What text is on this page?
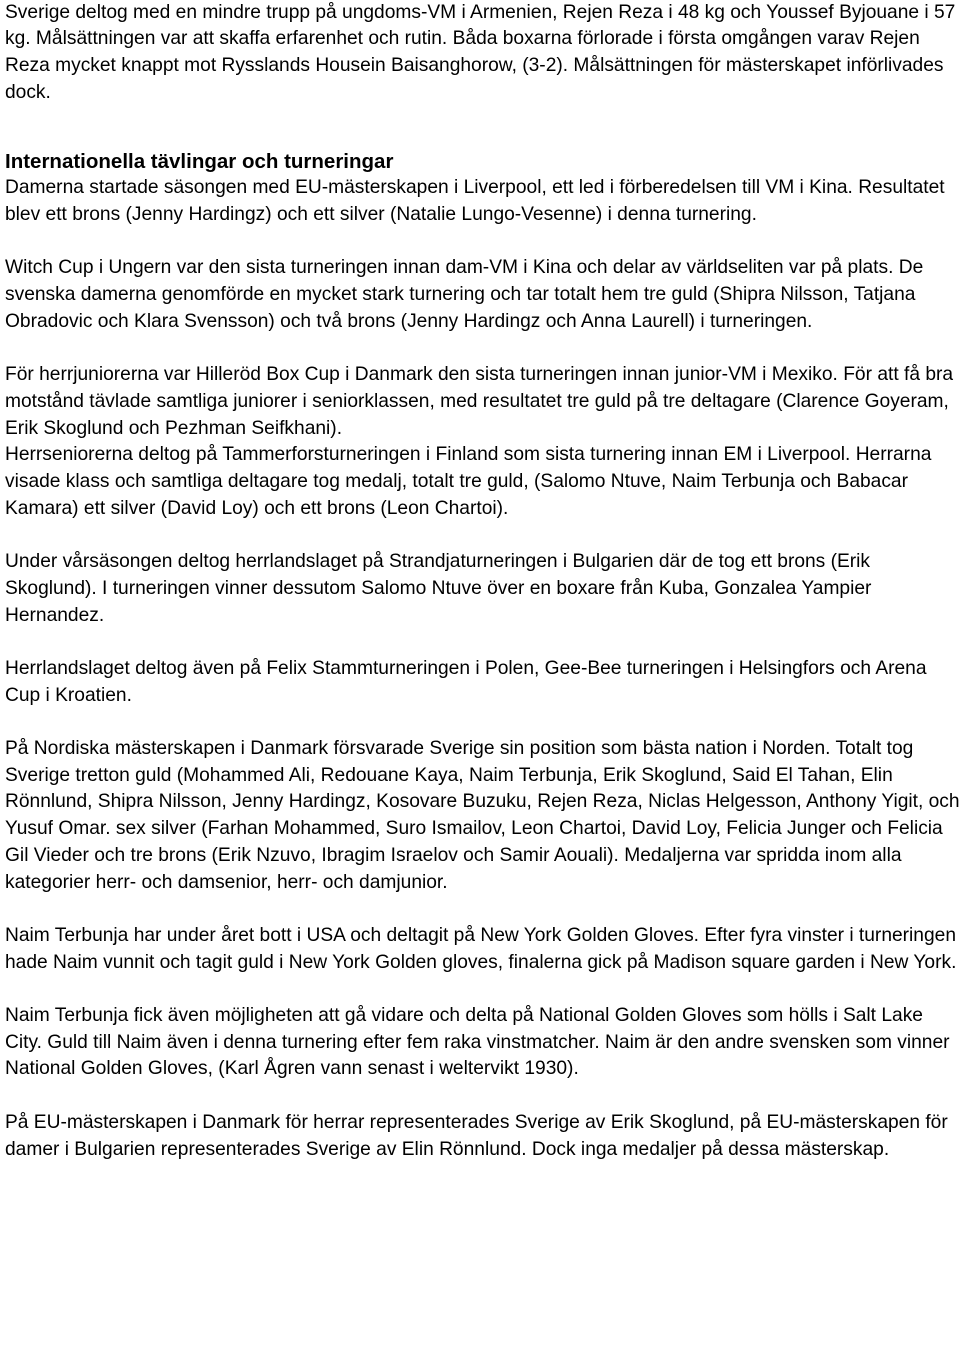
Sverige deltog med en mindre trupp på ungdoms-VM i Armenien, Rejen Reza i 48 kg och Youssef Byjouane i 57 kg. Målsättningen var att skaffa erfarenhet och rutin. Båda boxarna förlorade i första omgången varav Rejen Reza mycket knappt mot Rysslands Housein Baisanghorow, (3-2). Målsättningen för mästerskapet införlivades dock.

Internationella tävlingar och turneringar

Damerna startade säsongen med EU-mästerskapen i Liverpool, ett led i förberedelsen till VM i Kina. Resultatet blev ett brons (Jenny Hardingz) och ett silver (Natalie Lungo-Vesenne) i denna turnering.

Witch Cup i Ungern var den sista turneringen innan dam-VM i Kina och delar av världseliten var på plats. De svenska damerna genomförde en mycket stark turnering och tar totalt hem tre guld (Shipra Nilsson, Tatjana Obradovic och Klara Svensson) och två brons (Jenny Hardingz och Anna Laurell) i turneringen.

För herrjuniorerna var Hilleröd Box Cup i Danmark den sista turneringen innan junior-VM i Mexiko. För att få bra motstånd tävlade samtliga juniorer i seniorklassen, med resultatet tre guld på tre deltagare (Clarence Goyeram, Erik Skoglund och Pezhman Seifkhani).

Herrseniorerna deltog på Tammerforsturneringen i Finland som sista turnering innan EM i Liverpool. Herrarna visade klass och samtliga deltagare tog medalj, totalt tre guld, (Salomo Ntuve, Naim Terbunja och Babacar Kamara) ett silver (David Loy) och ett brons (Leon Chartoi).

Under vårsäsongen deltog herrlandslaget på Strandjaturneringen i Bulgarien där de tog ett brons (Erik Skoglund). I turneringen vinner dessutom Salomo Ntuve över en boxare från Kuba, Gonzalea Yampier Hernandez.

Herrlandslaget deltog även på Felix Stammturneringen i Polen, Gee-Bee turneringen i Helsingfors och Arena Cup i Kroatien.

På Nordiska mästerskapen i Danmark försvarade Sverige sin position som bästa nation i Norden. Totalt tog Sverige tretton guld (Mohammed Ali, Redouane Kaya, Naim Terbunja, Erik Skoglund, Said El Tahan, Elin Rönnlund, Shipra Nilsson, Jenny Hardingz, Kosovare Buzuku, Rejen Reza, Niclas Helgesson, Anthony Yigit, och Yusuf Omar. sex silver (Farhan Mohammed, Suro Ismailov, Leon Chartoi, David Loy, Felicia Junger och Felicia Gil Vieder och tre brons (Erik Nzuvo, Ibragim Israelov och Samir Aouali). Medaljerna var spridda inom alla kategorier herr- och damsenior, herr- och damjunior.

Naim Terbunja har under året bott i USA och deltagit på New York Golden Gloves. Efter fyra vinster i turneringen hade Naim vunnit och tagit guld i New York Golden gloves, finalerna gick på Madison square garden i New York.

Naim Terbunja fick även möjligheten att gå vidare och delta på National Golden Gloves som hölls i Salt Lake City. Guld till Naim även i denna turnering efter fem raka vinstmatcher. Naim är den andre svensken som vinner National Golden Gloves, (Karl Ågren vann senast i weltervikt 1930).

På EU-mästerskapen i Danmark för herrar representerades Sverige av Erik Skoglund, på EU-mästerskapen för damer i Bulgarien representerades Sverige av Elin Rönnlund. Dock inga medaljer på dessa mästerskap.
